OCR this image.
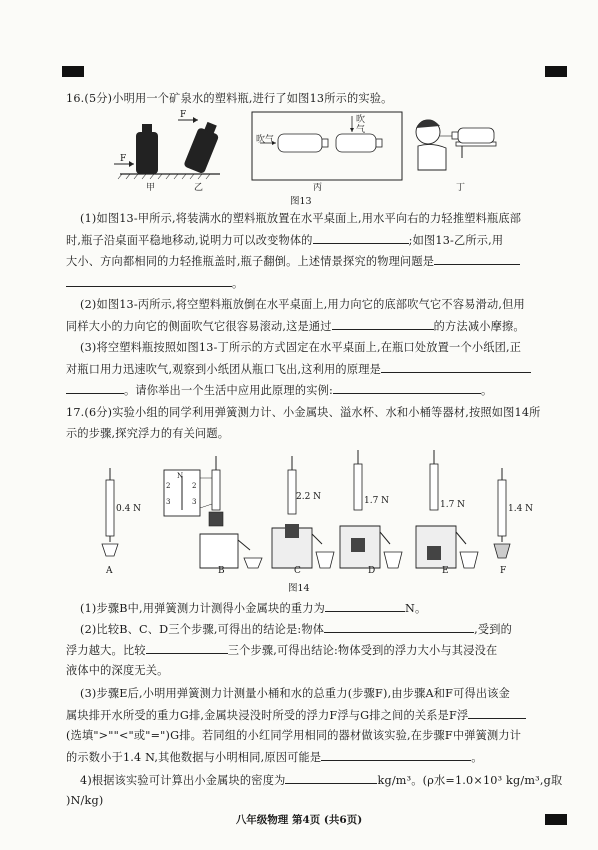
16.(5分)小明用一个矿泉水的塑料瓶,进行了如图13所示的实验。
F
F
甲	乙	丙	丁
吹气
吹
气
图13
(1)如图13-甲所示,将装满水的塑料瓶放置在水平桌面上,用水平向右的力轻推塑料瓶底部
时,瓶子沿桌面平稳地移动,说明力可以改变物体的	;如图13-乙所示,用
大小、方向都相同的力轻推瓶盖时,瓶子翻倒。上述情景探究的物理问题是
。
(2)如图13-丙所示,将空塑料瓶放倒在水平桌面上,用力向它的底部吹气它不容易滑动,但用
同样大小的力向它的侧面吹气它很容易滚动,这是通过	的方法减小摩擦。
(3)将空塑料瓶按照如图13-丁所示的方式固定在水平桌面上,在瓶口处放置一个小纸团,正
对瓶口用力迅速吹气,观察到小纸团从瓶口飞出,这利用的原理是
。请你举出一个生活中应用此原理的实例:	。
17.(6分)实验小组的同学利用弹簧测力计、小金属块、溢水杯、水和小桶等器材,按照如图14所
示的步骤,探究浮力的有关问题。
0.4 N
2.2 N	1.7 N	1.7 N	1.4 N
N
2
3
2
3
A	B	C	D	E	F
图14
(1)步骤B中,用弹簧测力计测得小金属块的重力为	N。
(2)比较B、C、D三个步骤,可得出的结论是:物体	,受到的
浮力越大。比较	三个步骤,可得出结论:物体受到的浮力大小与其浸没在
液体中的深度无关。
(3)步骤E后,小明用弹簧测力计测量小桶和水的总重力(步骤F),由步骤A和F可得出该金
属块排开水所受的重力G排,金属块浸没时所受的浮力F浮与G排之间的关系是F浮
(选填">""<"或"=")G排。若同组的小红同学用相同的器材做该实验,在步骤F中弹簧测力计
的示数小于1.4 N,其他数据与小明相同,原因可能是	。
4)根据该实验可计算出小金属块的密度为	kg/m³。(ρ水=1.0×10³ kg/m³,g取
)N/kg)
八年级物理 第4页 (共6页)
